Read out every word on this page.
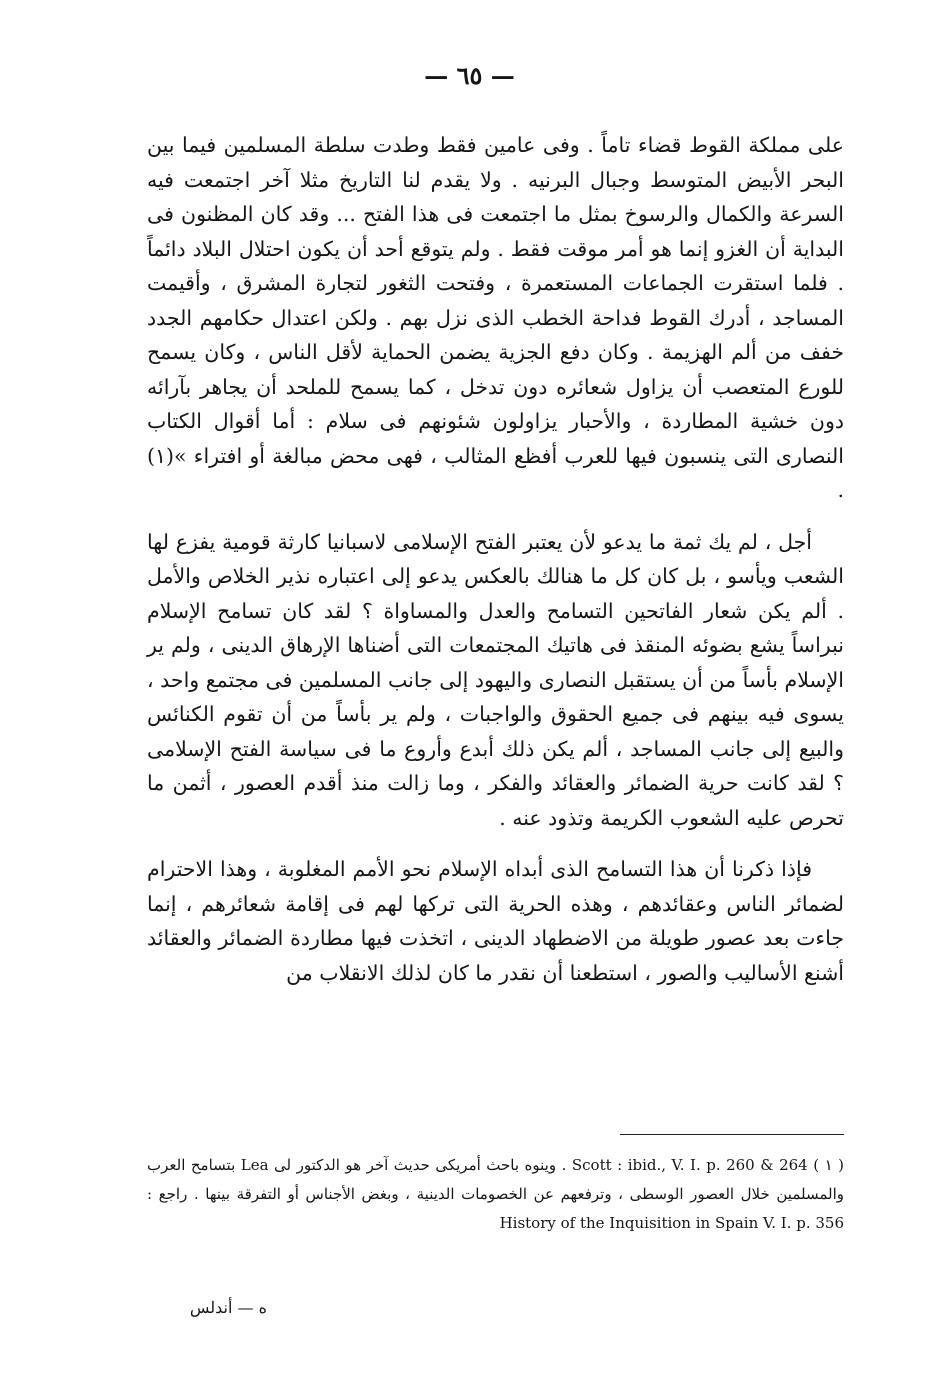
— ٦٥ —

على مملكة القوط قضاء تاماً . وفى عامين فقط وطدت سلطة المسلمين فيما بين البحر الأبيض المتوسط وجبال البرنيه . ولا يقدم لنا التاريخ مثلا آخر اجتمعت فيه السرعة والكمال والرسوخ بمثل ما اجتمعت فى هذا الفتح ... وقد كان المظنون فى البداية أن الغزو إنما هو أمر موقت فقط . ولم يتوقع أحد أن يكون احتلال البلاد دائماً . فلما استقرت الجماعات المستعمرة ، وفتحت الثغور لتجارة المشرق ، وأقيمت المساجد ، أدرك القوط فداحة الخطب الذى نزل بهم . ولكن اعتدال حكامهم الجدد خفف من ألم الهزيمة . وكان دفع الجزية يضمن الحماية لأقل الناس ، وكان يسمح للورع المتعصب أن يزاول شعائره دون تدخل ، كما يسمح للملحد أن يجاهر بآرائه دون خشية المطاردة ، والأحبار يزاولون شئونهم فى سلام : أما أقوال الكتاب النصارى التى ينسبون فيها للعرب أفظع المثالب ، فهى محض مبالغة أو افتراء »(١) .

أجل ، لم يك ثمة ما يدعو لأن يعتبر الفتح الإسلامى لاسبانيا كارثة قومية يفزع لها الشعب ويأسو ، بل كان كل ما هنالك بالعكس يدعو إلى اعتباره نذير الخلاص والأمل . ألم يكن شعار الفاتحين التسامح والعدل والمساواة ؟ لقد كان تسامح الإسلام نبراساً يشع بضوئه المنقذ فى هاتيك المجتمعات التى أضناها الإرهاق الدينى ، ولم ير الإسلام بأساً من أن يستقبل النصارى واليهود إلى جانب المسلمين فى مجتمع واحد ، يسوى فيه بينهم فى جميع الحقوق والواجبات ، ولم ير بأساً من أن تقوم الكنائس والبيع إلى جانب المساجد ، ألم يكن ذلك أبدع وأروع ما فى سياسة الفتح الإسلامى ؟ لقد كانت حرية الضمائر والعقائد والفكر ، وما زالت منذ أقدم العصور ، أثمن ما تحرص عليه الشعوب الكريمة وتذود عنه .

فإذا ذكرنا أن هذا التسامح الذى أبداه الإسلام نحو الأمم المغلوبة ، وهذا الاحترام لضمائر الناس وعقائدهم ، وهذه الحرية التى تركها لهم فى إقامة شعائرهم ، إنما جاءت بعد عصور طويلة من الاضطهاد الدينى ، اتخذت فيها مطاردة الضمائر والعقائد أشنع الأساليب والصور ، استطعنا أن نقدر ما كان لذلك الانقلاب من

( ١ ) Scott : ibid., V. I. p. 260 & 264 . وينوه باحث أمريكى حديث آخر هو الدكتور لى Lea بتسامح العرب والمسلمين خلال العصور الوسطى ، وترفعهم عن الخصومات الدينية ، وبغض الأجناس أو التفرقة بينها . راجع : History of the Inquisition in Spain V. I. p. 356

ه — أندلس
